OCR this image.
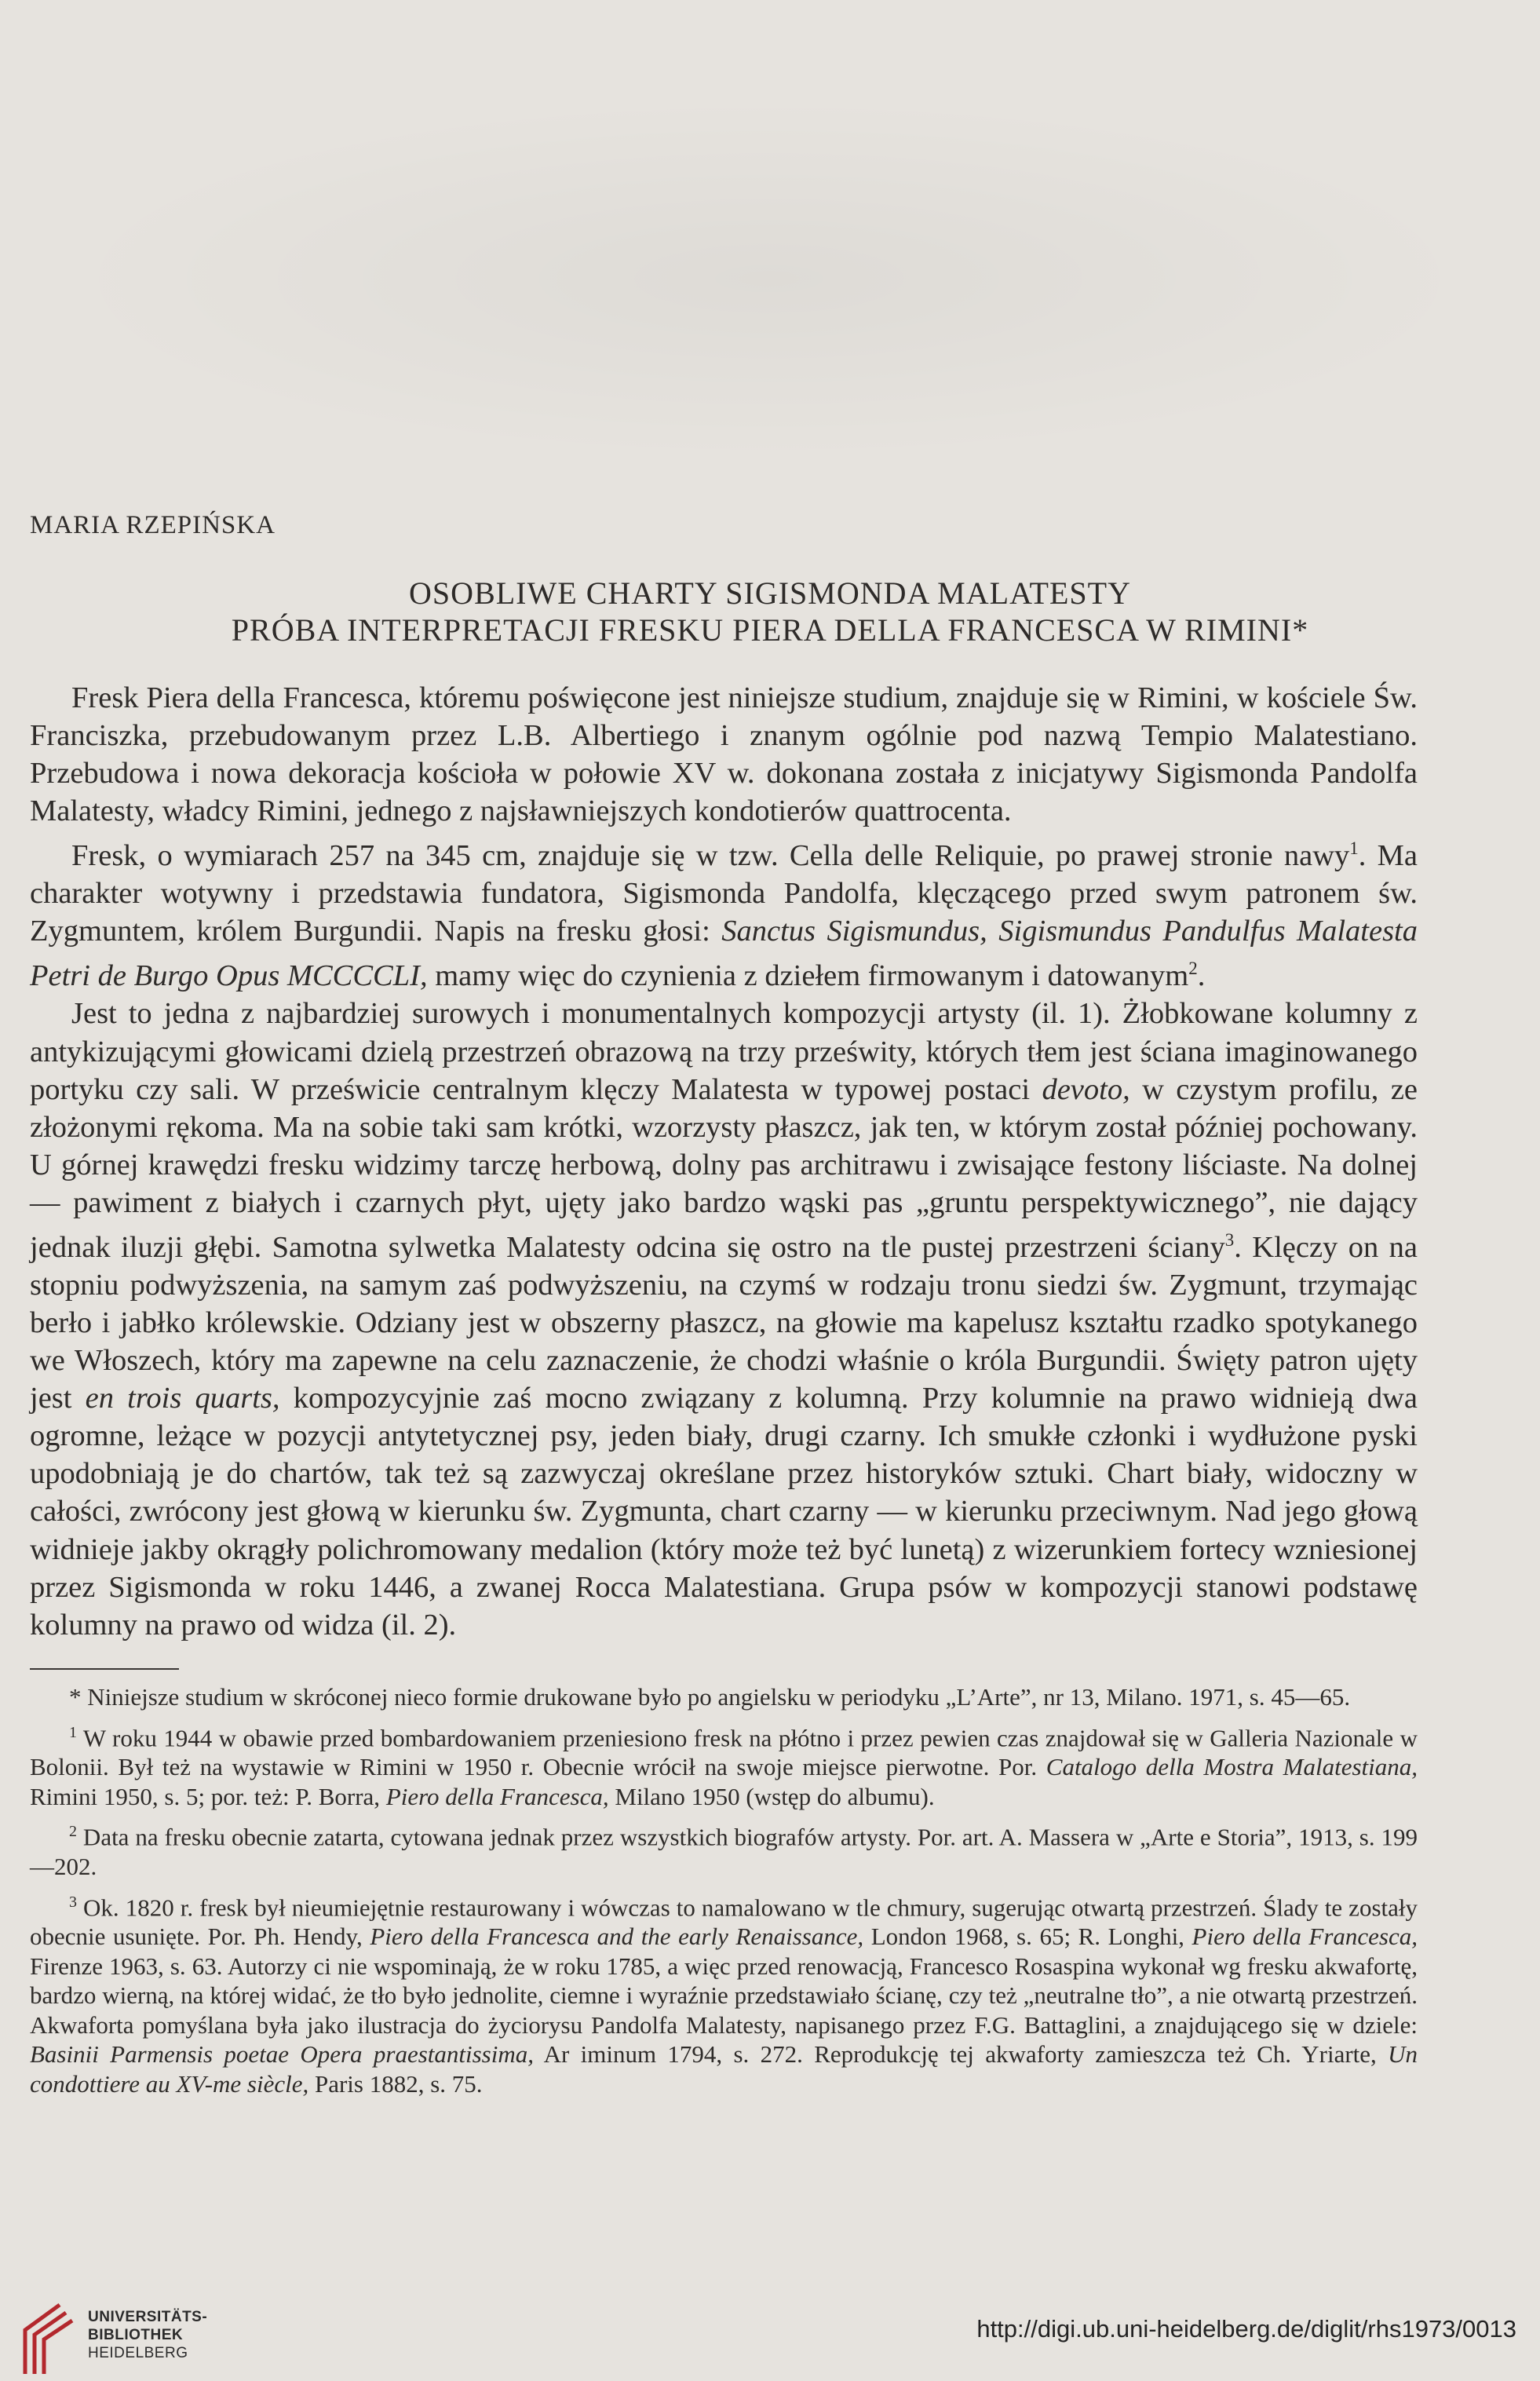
MARIA RZEPIŃSKA
OSOBLIWE CHARTY SIGISMONDA MALATESTY
PRÓBA INTERPRETACJI FRESKU PIERA DELLA FRANCESCA W RIMINI*

Fresk Piera della Francesca, któremu poświęcone jest niniejsze studium, znajduje się w Rimini, w kościele Św. Franciszka, przebudowanym przez L.B. Albertiego i znanym ogólnie pod nazwą Tempio Malatestiano. Przebudowa i nowa dekoracja kościoła w połowie XV w. dokonana została z inicjatywy Sigismonda Pandolfa Malatesty, władcy Rimini, jednego z najsławniejszych kondotierów quattrocenta.

Fresk, o wymiarach 257 na 345 cm, znajduje się w tzw. Cella delle Reliquie, po prawej stronie nawy$^1$. Ma charakter wotywny i przedstawia fundatora, Sigismonda Pandolfa, klęczącego przed swym patronem św. Zygmuntem, królem Burgundii. Napis na fresku głosi: Sanctus Sigismundus, Sigismundus Pandulfus Malatesta Petri de Burgo Opus MCCCCLI, mamy więc do czynienia z dziełem firmowanym i datowanym$^2$.

Jest to jedna z najbardziej surowych i monumentalnych kompozycji artysty (il. 1). Żłobkowane kolumny z antykizującymi głowicami dzielą przestrzeń obrazową na trzy prześwity, których tłem jest ściana imaginowanego portyku czy sali. W prześwicie centralnym klęczy Malatesta w typowej postaci devoto, w czystym profilu, ze złożonymi rękoma. Ma na sobie taki sam krótki, wzorzysty płaszcz, jak ten, w którym został później pochowany. U górnej krawędzi fresku widzimy tarczę herbową, dolny pas architrawu i zwisające festony liściaste. Na dolnej — pawiment z białych i czarnych płyt, ujęty jako bardzo wąski pas „gruntu perspektywicznego”, nie dający jednak iluzji głębi. Samotna sylwetka Malatesty odcina się ostro na tle pustej przestrzeni ściany$^3$. Klęczy on na stopniu podwyższenia, na samym zaś podwyższeniu, na czymś w rodzaju tronu siedzi św. Zygmunt, trzymając berło i jabłko królewskie. Odziany jest w obszerny płaszcz, na głowie ma kapelusz kształtu rzadko spotykanego we Włoszech, który ma zapewne na celu zaznaczenie, że chodzi właśnie o króla Burgundii. Święty patron ujęty jest en trois quarts, kompozycyjnie zaś mocno związany z kolumną. Przy kolumnie na prawo widnieją dwa ogromne, leżące w pozycji antytetycznej psy, jeden biały, drugi czarny. Ich smukłe członki i wydłużone pyski upodobniają je do chartów, tak też są zazwyczaj określane przez historyków sztuki. Chart biały, widoczny w całości, zwrócony jest głową w kierunku św. Zygmunta, chart czarny — w kierunku przeciwnym. Nad jego głową widnieje jakby okrągły polichromowany medalion (który może też być lunetą) z wizerunkiem fortecy wzniesionej przez Sigismonda w roku 1446, a zwanej Rocca Malatestiana. Grupa psów w kompozycji stanowi podstawę kolumny na prawo od widza (il. 2).

* Niniejsze studium w skróconej nieco formie drukowane było po angielsku w periodyku „L’Arte”, nr 13, Milano. 1971, s. 45—65.

$^1$ W roku 1944 w obawie przed bombardowaniem przeniesiono fresk na płótno i przez pewien czas znajdował się w Galleria Nazionale w Bolonii. Był też na wystawie w Rimini w 1950 r. Obecnie wrócił na swoje miejsce pierwotne. Por. Catalogo della Mostra Malatestiana, Rimini 1950, s. 5; por. też: P. Borra, Piero della Francesca, Milano 1950 (wstęp do albumu).

$^2$ Data na fresku obecnie zatarta, cytowana jednak przez wszystkich biografów artysty. Por. art. A. Massera w „Arte e Storia”, 1913, s. 199—202.

$^3$ Ok. 1820 r. fresk był nieumiejętnie restaurowany i wówczas to namalowano w tle chmury, sugerując otwartą przestrzeń. Ślady te zostały obecnie usunięte. Por. Ph. Hendy, Piero della Francesca and the early Renaissance, London 1968, s. 65; R. Longhi, Piero della Francesca, Firenze 1963, s. 63. Autorzy ci nie wspominają, że w roku 1785, a więc przed renowacją, Francesco Rosaspina wykonał wg fresku akwafortę, bardzo wierną, na której widać, że tło było jednolite, ciemne i wyraźnie przedstawiało ścianę, czy też „neutralne tło”, a nie otwartą przestrzeń. Akwaforta pomyślana była jako ilustracja do życiorysu Pandolfa Malatesty, napisanego przez F.G. Battaglini, a znajdującego się w dziele: Basinii Parmensis poetae Opera praestantissima, Ar iminum 1794, s. 272. Reprodukcję tej akwaforty zamieszcza też Ch. Yriarte, Un condottiere au XV-me siècle, Paris 1882, s. 75.

UNIVERSITÄTS-
BIBLIOTHEK
HEIDELBERG
http://digi.ub.uni-heidelberg.de/diglit/rhs1973/0013
